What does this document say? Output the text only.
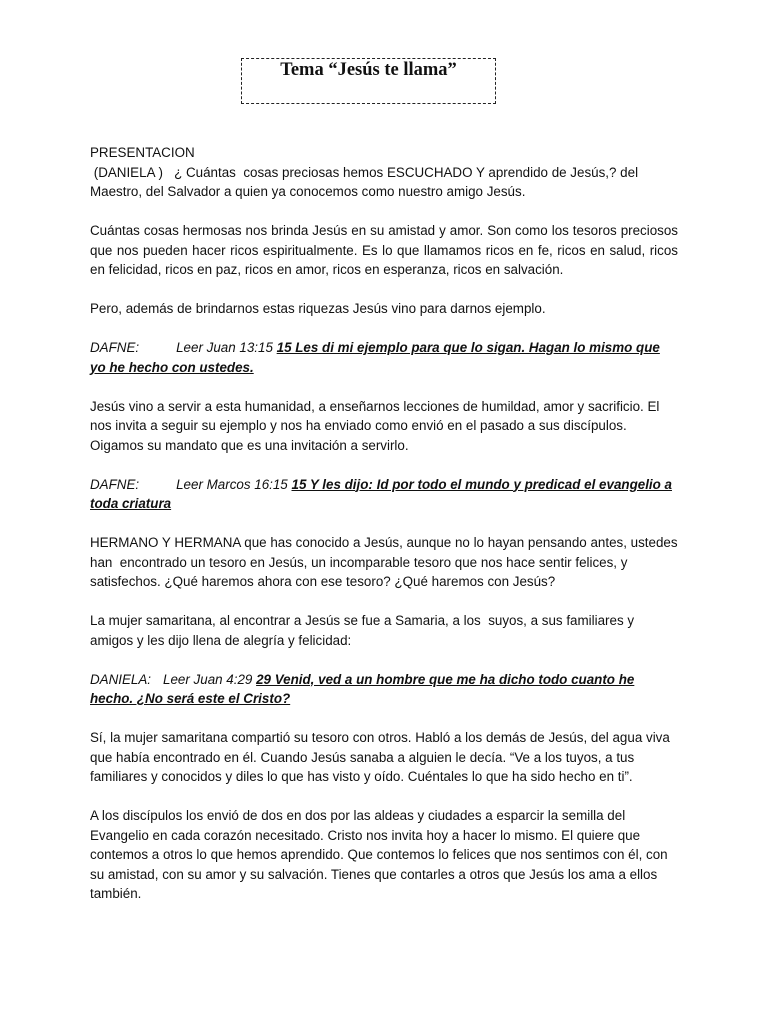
Tema “Jesús te llama”

PRESENTACION

(DANIELA )   ¿ Cuántas  cosas preciosas hemos ESCUCHADO Y aprendido de Jesús,? del Maestro, del Salvador a quien ya conocemos como nuestro amigo Jesús.

Cuántas cosas hermosas nos brinda Jesús en su amistad y amor. Son como los tesoros preciosos que nos pueden hacer ricos espiritualmente. Es lo que llamamos ricos en fe, ricos en salud, ricos en felicidad, ricos en paz, ricos en amor, ricos en esperanza, ricos en salvación.

Pero, además de brindarnos estas riquezas Jesús vino para darnos ejemplo.

DAFNE:	Leer Juan 13:15 15 Les di mi ejemplo para que lo sigan. Hagan lo mismo que yo he hecho con ustedes.

Jesús vino a servir a esta humanidad, a enseñarnos lecciones de humildad, amor y sacrificio. El nos invita a seguir su ejemplo y nos ha enviado como envió en el pasado a sus discípulos. Oigamos su mandato que es una invitación a servirlo.

DAFNE:	Leer Marcos 16:15 15 Y les dijo: Id por todo el mundo y predicad el evangelio a toda criatura

HERMANO Y HERMANA que has conocido a Jesús, aunque no lo hayan pensando antes, ustedes han  encontrado un tesoro en Jesús, un incomparable tesoro que nos hace sentir felices, y satisfechos. ¿Qué haremos ahora con ese tesoro? ¿Qué haremos con Jesús?

La mujer samaritana, al encontrar a Jesús se fue a Samaria, a los  suyos, a sus familiares y amigos y les dijo llena de alegría y felicidad:

DANIELA: Leer Juan 4:29 29 Venid, ved a un hombre que me ha dicho todo cuanto he hecho. ¿No será este el Cristo?

Sí, la mujer samaritana compartió su tesoro con otros. Habló a los demás de Jesús, del agua viva que había encontrado en él. Cuando Jesús sanaba a alguien le decía. “Ve a los tuyos, a tus familiares y conocidos y diles lo que has visto y oído. Cuéntales lo que ha sido hecho en ti”.

A los discípulos los envió de dos en dos por las aldeas y ciudades a esparcir la semilla del Evangelio en cada corazón necesitado. Cristo nos invita hoy a hacer lo mismo. El quiere que contemos a otros lo que hemos aprendido. Que contemos lo felices que nos sentimos con él, con su amistad, con su amor y su salvación. Tienes que contarles a otros que Jesús los ama a ellos también.
